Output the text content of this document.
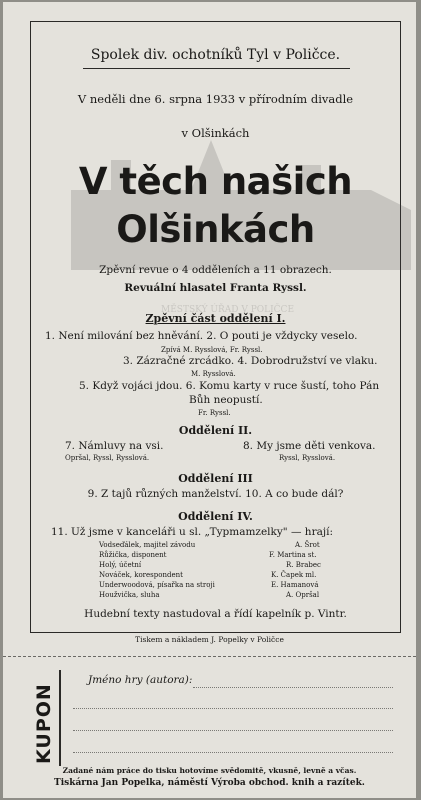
Spolek div. ochotníků Tyl v Poličce.
V neděli dne 6. srpna 1933 v přírodním divadle
v Olšinkách
V těch našich
Olšinkách
Zpěvní revue o 4 odděleních a 11 obrazech.
Revuální hlasatel Franta Ryssl.
MĚSTSKÝ ÚŘAD V POLIČCE
Zpěvní část oddělení I.
1. Není milování bez hněvání. 2. O pouti je vždycky veselo.
Zpívá M. Rysslová, Fr. Ryssl.
3. Zázračné zrcádko. 4. Dobrodružství ve vlaku.
M. Rysslová.
5. Když vojáci jdou. 6. Komu karty v ruce šustí, toho Pán
Bůh neopustí.
Fr. Ryssl.
Oddělení II.
7. Námluvy na vsi.
Opršal, Ryssl, Rysslová.
8. My jsme děti venkova.
Ryssl, Rysslová.
Oddělení III
9. Z tajů různých manželství. 10. A co bude dál?
Oddělení IV.
11. Už jsme v kanceláři u sl. „Typmamzelky" — hrají:
Vodseďálek, majitel závodu	A. Šrot
Růžička, disponent	F. Martina st.
Holý, účetní	R. Brabec
Nováček, korespondent	K. Čapek ml.
Underwoodová, písařka na stroji	E. Hamanová
Houžvička, sluha	A. Opršal
Hudební texty nastudoval a řídí kapelník p. Vintr.
Tiskem a nákladem J. Popelky v Poličce
KUPON
Jméno hry (autora):
Zadané nám práce do tisku hotovíme svědomitě, vkusně, levně a včas.
Tiskárna Jan Popelka, náměstí Výroba obchod. knih a razítek.
